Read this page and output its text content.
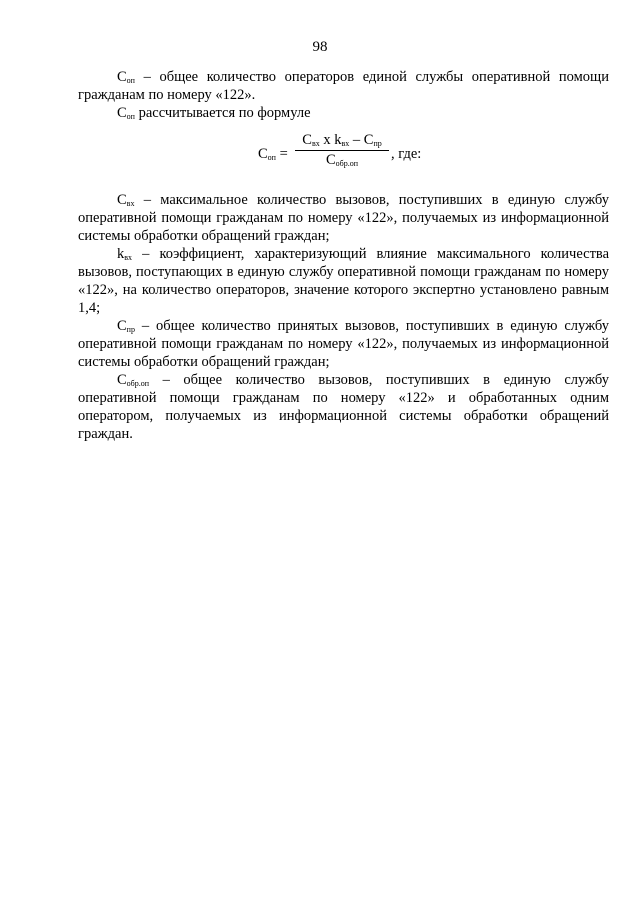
98

$С_{оп}$ – общее количество операторов единой службы оперативной помощи гражданам по номеру «122».

$С_{оп}$ рассчитывается по формуле

$С_{оп}$ =
$С_{вх}$ х $k_{вх} - С_{пр}$
$С_{обр.оп}$
, где:

$С_{вх}$ – максимальное количество вызовов, поступивших в единую службу оперативной помощи гражданам по номеру «122», получаемых из информационной системы обработки обращений граждан;

$k_{вх}$ – коэффициент, характеризующий влияние максимального количества вызовов, поступающих в единую службу оперативной помощи гражданам по номеру «122», на количество операторов, значение которого экспертно установлено равным 1,4;

$С_{пр}$ – общее количество принятых вызовов, поступивших в единую службу оперативной помощи гражданам по номеру «122», получаемых из информационной системы обработки обращений граждан;

$С_{обр.оп}$ – общее количество вызовов, поступивших в единую службу оперативной помощи гражданам по номеру «122» и обработанных одним оператором, получаемых из информационной системы обработки обращений граждан.
